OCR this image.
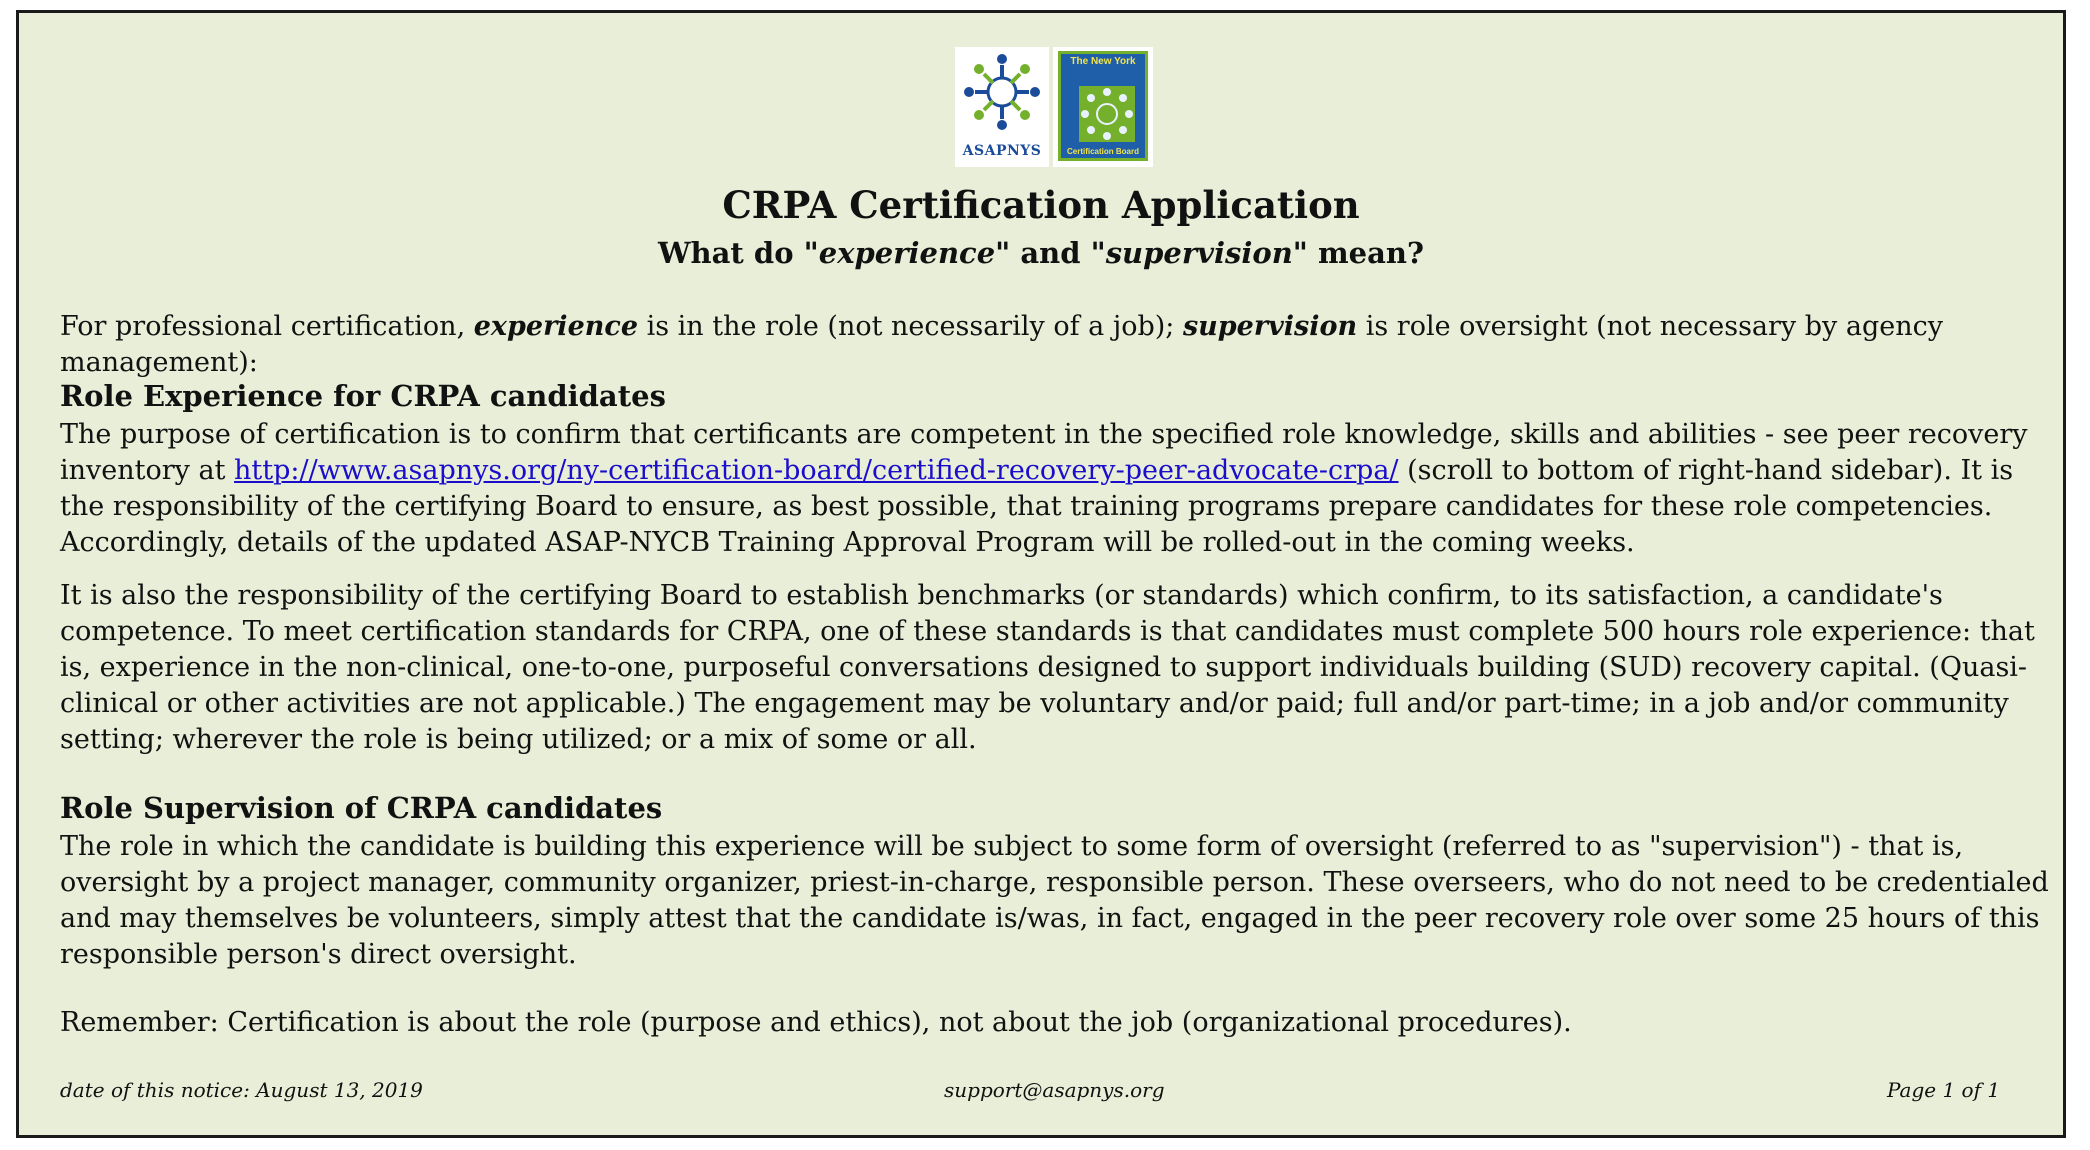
ASAPNYS
The New York
Certification Board
CRPA Certification Application
What do "experience" and "supervision" mean?
For professional certification, experience is in the role (not necessarily of a job); supervision is role oversight (not necessary by agency management):
Role Experience for CRPA candidates
The purpose of certification is to confirm that certificants are competent in the specified role knowledge, skills and abilities - see peer recovery inventory at http://www.asapnys.org/ny-certification-board/certified-recovery-peer-advocate-crpa/ (scroll to bottom of right-hand sidebar). It is the responsibility of the certifying Board to ensure, as best possible, that training programs prepare candidates for these role competencies. Accordingly, details of the updated ASAP-NYCB Training Approval Program will be rolled-out in the coming weeks.
It is also the responsibility of the certifying Board to establish benchmarks (or standards) which confirm, to its satisfaction, a candidate's competence. To meet certification standards for CRPA, one of these standards is that candidates must complete 500 hours role experience: that is, experience in the non-clinical, one-to-one, purposeful conversations designed to support individuals building (SUD) recovery capital. (Quasi-clinical or other activities are not applicable.) The engagement may be voluntary and/or paid; full and/or part-time; in a job and/or community setting; wherever the role is being utilized; or a mix of some or all.
Role Supervision of CRPA candidates
The role in which the candidate is building this experience will be subject to some form of oversight (referred to as "supervision") - that is, oversight by a project manager, community organizer, priest-in-charge, responsible person. These overseers, who do not need to be credentialed and may themselves be volunteers, simply attest that the candidate is/was, in fact, engaged in the peer recovery role over some 25 hours of this responsible person's direct oversight.
Remember: Certification is about the role (purpose and ethics), not about the job (organizational procedures).
date of this notice: August 13, 2019	support@asapnys.org	Page 1 of 1
